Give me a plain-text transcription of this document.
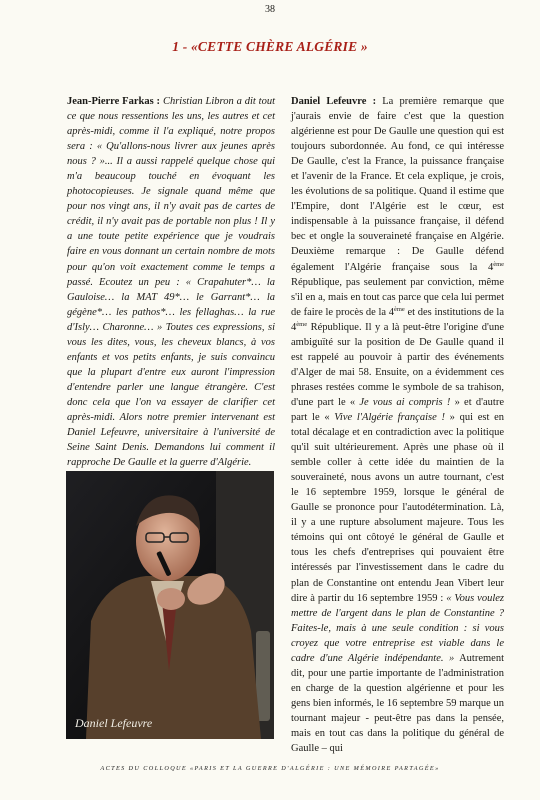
38
1 - «CETTE CHÈRE ALGÉRIE »
Jean-Pierre Farkas : Christian Libron a dit tout ce que nous ressentions les uns, les autres et cet après-midi, comme il l'a expliqué, notre propos sera : « Qu'allons-nous livrer aux jeunes après nous ? »... Il a aussi rappelé quelque chose qui m'a beaucoup touché en évoquant les photocopieuses. Je signale quand même que pour nos vingt ans, il n'y avait pas de cartes de crédit, il n'y avait pas de portable non plus ! Il y a une toute petite expérience que je voudrais faire en vous donnant un certain nombre de mots pour qu'on voit exactement comme le temps a passé. Ecoutez un peu : « Crapahuter*… la Gauloise… la MAT 49*… le Garrant*… la gégène*… les pathos*… les fellaghas… la rue d'Isly… Charonne… » Toutes ces expressions, si vous les dites, vous, les cheveux blancs, à vos enfants et vos petits enfants, je suis convaincu que la plupart d'entre eux auront l'impression d'entendre parler une langue étrangère. C'est donc cela que l'on va essayer de clarifier cet après-midi. Alors notre premier intervenant est Daniel Lefeuvre, universitaire à l'université de Seine Saint Denis. Demandons lui comment il rapproche De Gaulle et la guerre d'Algérie.
Daniel Lefeuvre
Daniel Lefeuvre : La première remarque que j'aurais envie de faire c'est que la question algérienne est pour De Gaulle une question qui est toujours subordonnée. Au fond, ce qui intéresse De Gaulle, c'est la France, la puissance française et l'avenir de la France. Et cela explique, je crois, les évolutions de sa politique. Quand il estime que l'Empire, dont l'Algérie est le cœur, est indispensable à la puissance française, il défend bec et ongle la souveraineté française en Algérie. Deuxième remarque : De Gaulle défend également l'Algérie française sous la 4ème République, pas seulement par conviction, même s'il en a, mais en tout cas parce que cela lui permet de faire le procès de la 4ème et des institutions de la 4ème République. Il y a là peut-être l'origine d'une ambiguïté sur la position de De Gaulle quand il est rappelé au pouvoir à partir des événements d'Alger de mai 58. Ensuite, on a évidemment ces phrases restées comme le symbole de sa trahison, d'une part le « Je vous ai compris ! » et d'autre part le « Vive l'Algérie française ! » qui est en total décalage et en contradiction avec la politique qu'il suit ultérieurement. Après une phase où il semble coller à cette idée du maintien de la souveraineté, nous avons un autre tournant, c'est le 16 septembre 1959, lorsque le général de Gaulle se prononce pour l'autodétermination. Là, il y a une rupture absolument majeure. Tous les témoins qui ont côtoyé le général de Gaulle et tous les chefs d'entreprises qui pouvaient être intéressés par l'investissement dans le cadre du plan de Constantine ont entendu Jean Vibert leur dire à partir du 16 septembre 1959 : « Vous voulez mettre de l'argent dans le plan de Constantine ? Faites-le, mais à une seule condition : si vous croyez que votre entreprise est viable dans le cadre d'une Algérie indépendante. » Autrement dit, pour une partie importante de l'administration en charge de la question algérienne et pour les gens bien informés, le 16 septembre 59 marque un tournant majeur - peut-être pas dans la pensée, mais en tout cas dans la politique du général de Gaulle – qui
ACTES DU COLLOQUE «PARIS ET LA GUERRE D'ALGÉRIE : UNE MÉMOIRE PARTAGÉE»
